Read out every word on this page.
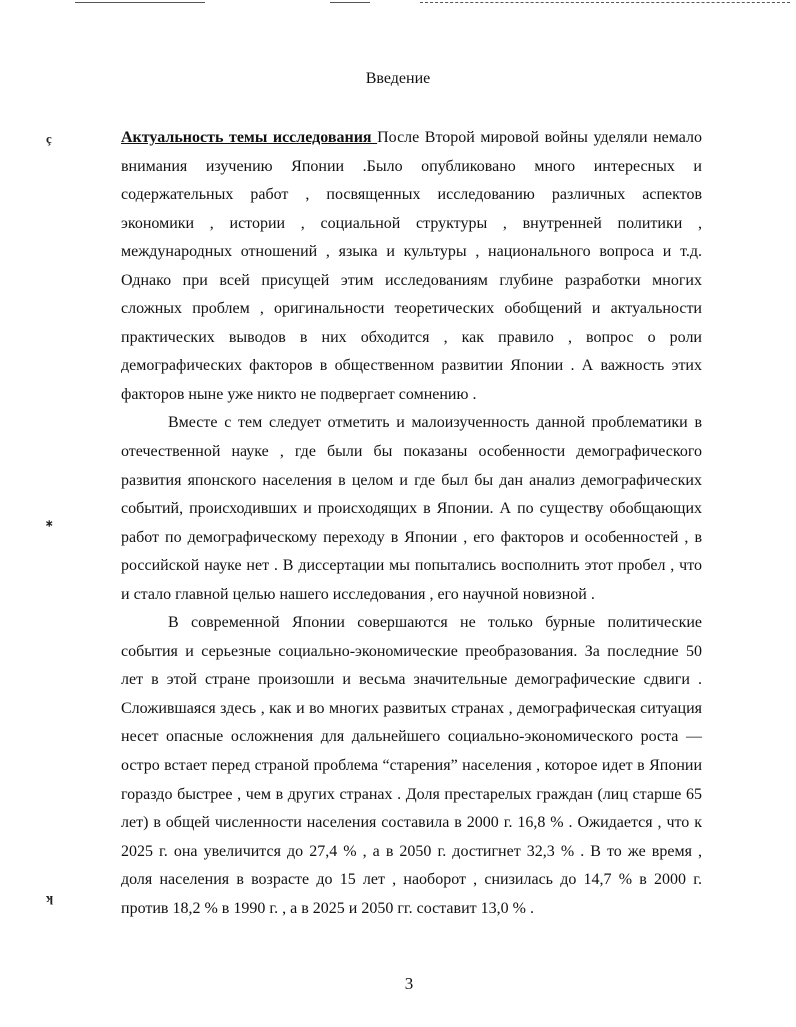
Введение
ç
⁎
ʞ
Актуальность темы исследования После Второй мировой войны уделяли немало
внимания изучению Японии .Было опубликовано много интересных и
содержательных работ , посвященных исследованию различных аспектов
экономики , истории , социальной структуры , внутренней политики ,
международных отношений , языка и культуры , национального вопроса и т.д.
Однако при всей присущей этим исследованиям глубине разработки многих
сложных проблем , оригинальности теоретических обобщений и актуальности
практических выводов в них обходится , как правило , вопрос о роли
демографических факторов в общественном развитии Японии . А важность этих
факторов ныне уже никто не подвергает сомнению .
Вместе с тем следует отметить и малоизученность данной проблематики в
отечественной науке , где были бы показаны особенности демографического
развития японского населения в целом и где был бы дан анализ демографических
событий, происходивших и происходящих в Японии. А по существу обобщающих
работ по демографическому переходу в Японии , его факторов и особенностей , в
российской науке нет . В диссертации мы попытались восполнить этот пробел , что
и стало главной целью нашего исследования , его научной новизной .
В современной Японии совершаются не только бурные политические
события и серьезные социально-экономические преобразования. За последние 50
лет в этой стране произошли и весьма значительные демографические сдвиги .
Сложившаяся здесь , как и во многих развитых странах , демографическая ситуация
несет опасные осложнения для дальнейшего социально-экономического роста —
остро встает перед страной проблема “старения” населения , которое идет в Японии
гораздо быстрее , чем в других странах . Доля престарелых граждан (лиц старше 65
лет) в общей численности населения составила в 2000 г. 16,8 % . Ожидается , что к
2025 г. она увеличится до 27,4 % , а в 2050 г. достигнет 32,3 % . В то же время ,
доля населения в возрасте до 15 лет , наоборот , снизилась до 14,7 % в 2000 г.
против 18,2 % в 1990 г. , а в 2025 и 2050 гг. составит 13,0 % .
3
